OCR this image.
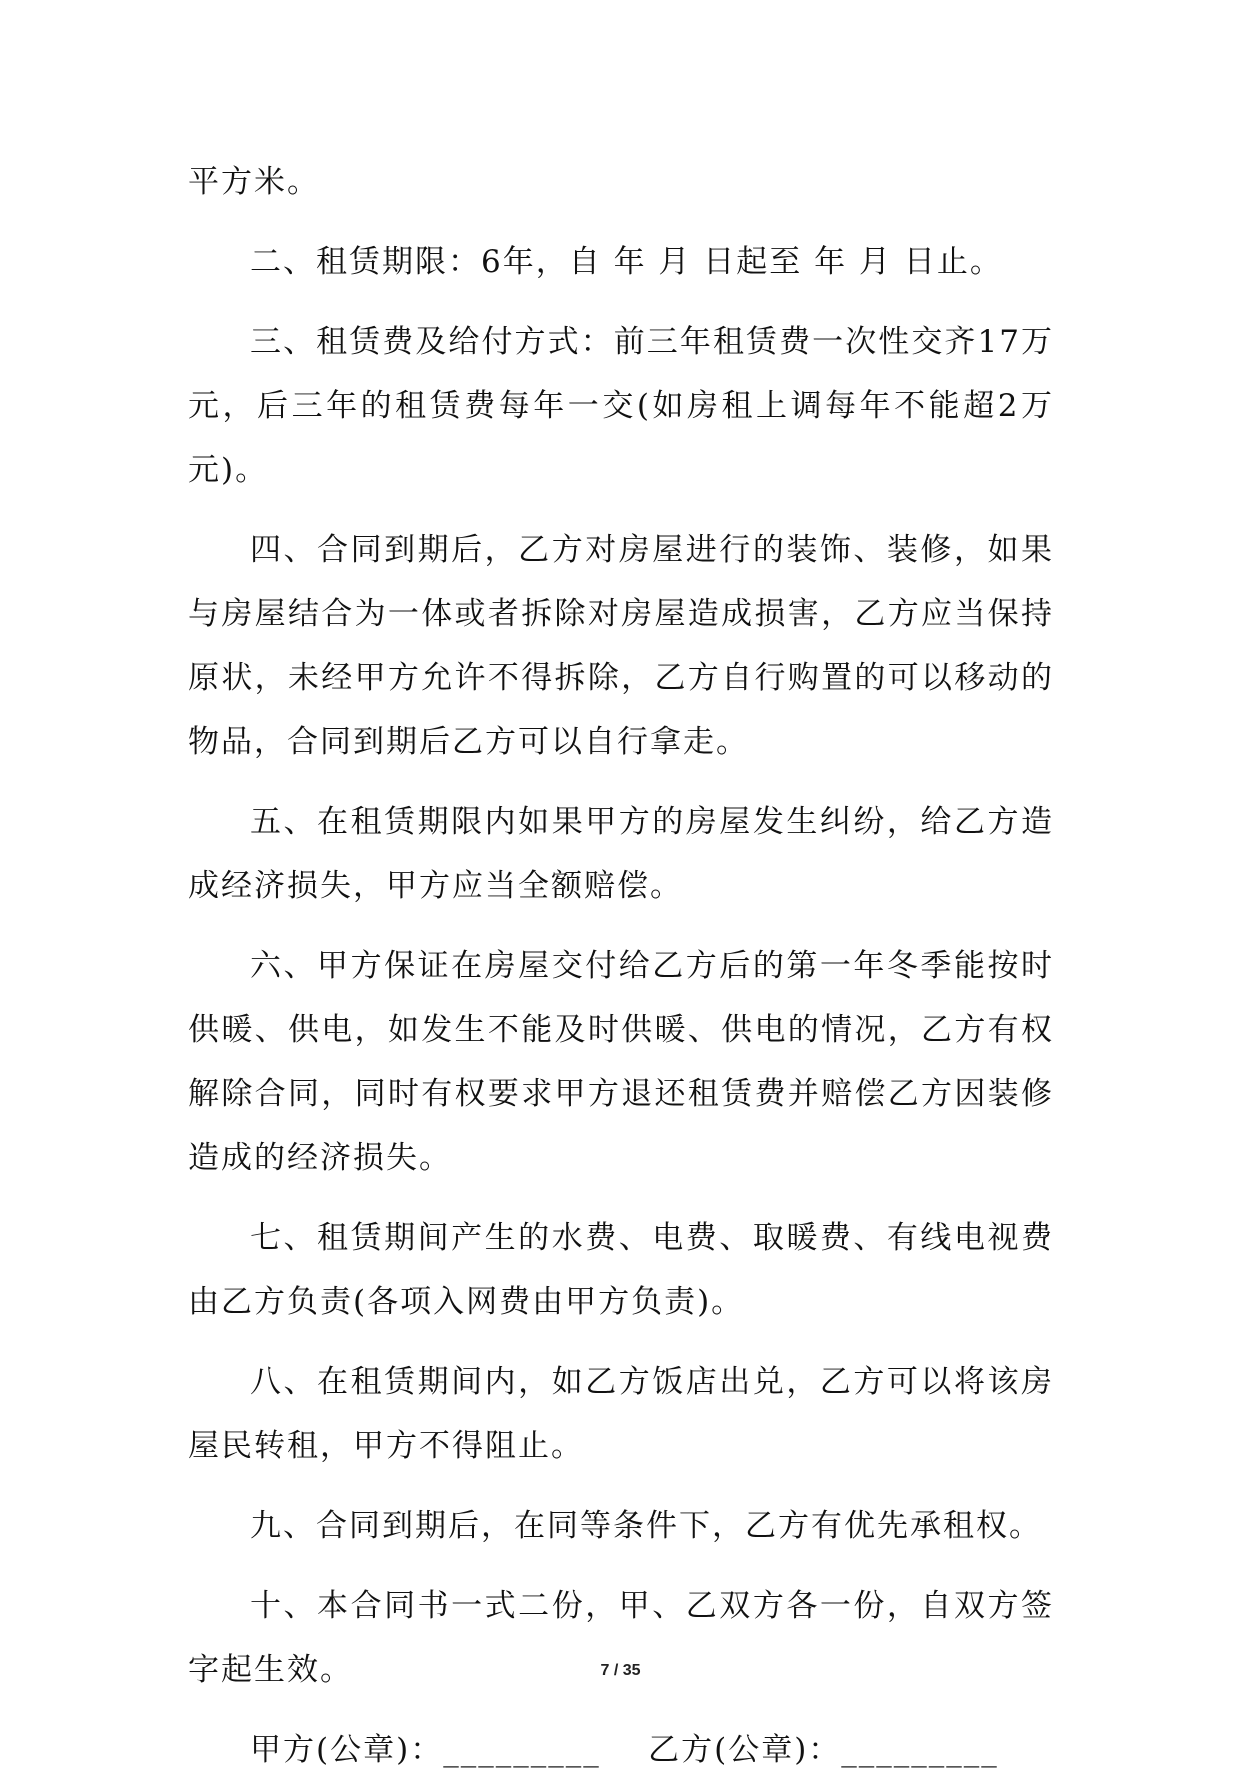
平方米。

二、租赁期限：6年，自 年 月 日起至 年 月 日止。

三、租赁费及给付方式：前三年租赁费一次性交齐17万元，后三年的租赁费每年一交(如房租上调每年不能超2万元)。

四、合同到期后，乙方对房屋进行的装饰、装修，如果与房屋结合为一体或者拆除对房屋造成损害，乙方应当保持原状，未经甲方允许不得拆除，乙方自行购置的可以移动的物品，合同到期后乙方可以自行拿走。

五、在租赁期限内如果甲方的房屋发生纠纷，给乙方造成经济损失，甲方应当全额赔偿。

六、甲方保证在房屋交付给乙方后的第一年冬季能按时供暖、供电，如发生不能及时供暖、供电的情况，乙方有权解除合同，同时有权要求甲方退还租赁费并赔偿乙方因装修造成的经济损失。

七、租赁期间产生的水费、电费、取暖费、有线电视费由乙方负责(各项入网费由甲方负责)。

八、在租赁期间内，如乙方饭店出兑，乙方可以将该房屋民转租，甲方不得阻止。

九、合同到期后，在同等条件下，乙方有优先承租权。

十、本合同书一式二份，甲、乙双方各一份，自双方签字起生效。

甲方(公章)：_________    乙方(公章)：_________

7 / 35
